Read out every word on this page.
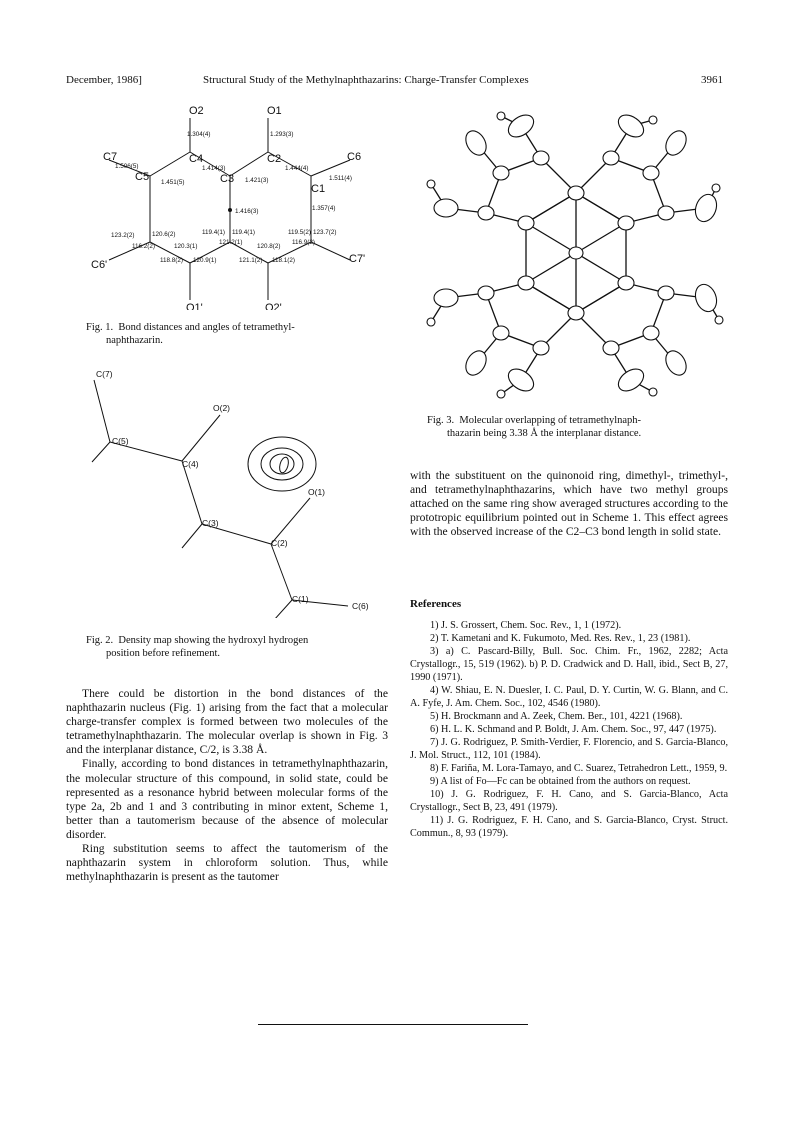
December, 1986]	Structural Study of the Methylnaphthazarins: Charge-Transfer Complexes	3961
O2	O1
C7	C4	C2	C6
C5	C3
C1
C6'	C7'
O1'	O2'
1.304(4)	1.293(3)
1.506(5)	1.414(3)	1.444(4)
1.451(5)	1.421(3)	1.511(4)
1.416(3)	1.357(4)
123.2(2)	120.6(2)
116.2(2)	120.3(1)
118.8(2) 120.9(1)
119.4(1) 119.4(1)
121.2(1)
120.8(2)
121.1(2) 118.1(2)
119.5(2) 123.7(2)
116.9(2)
Fig. 1. Bond distances and angles of tetramethyl-
naphthazarin.
C(7)
O(2)
C(5)
C(4)
O(1)
C(3)
C(2)
C(1)
C(6)
Fig. 2. Density map showing the hydroxyl hydrogen
position before refinement.

There could be distortion in the bond distances of the naphthazarin nucleus (Fig. 1) arising from the fact that a molecular charge-transfer complex is formed between two molecules of the tetramethylnaphthazarin. The molecular overlap is shown in Fig. 3 and the interplanar distance, C/2, is 3.38 Å.

Finally, according to bond distances in tetramethylnaphthazarin, the molecular structure of this compound, in solid state, could be represented as a resonance hybrid between molecular forms of the type 2a, 2b and 1 and 3 contributing in minor extent, Scheme 1, better than a tautomerism because of the absence of molecular disorder.

Ring substitution seems to affect the tautomerism of the naphthazarin system in chloroform solution. Thus, while methylnaphthazarin is present as the tautomer

Fig. 3. Molecular overlapping of tetramethylnaph-
thazarin being 3.38 Å the interplanar distance.

with the substituent on the quinonoid ring, dimethyl-, trimethyl-, and tetramethylnaphthazarins, which have two methyl groups attached on the same ring show averaged structures according to the prototropic equilibrium pointed out in Scheme 1. This effect agrees with the observed increase of the C2–C3 bond length in solid state.

References

1) J. S. Grossert, Chem. Soc. Rev., 1, 1 (1972).

2) T. Kametani and K. Fukumoto, Med. Res. Rev., 1, 23 (1981).

3) a) C. Pascard-Billy, Bull. Soc. Chim. Fr., 1962, 2282; Acta Crystallogr., 15, 519 (1962). b) P. D. Cradwick and D. Hall, ibid., Sect B, 27, 1990 (1971).

4) W. Shiau, E. N. Duesler, I. C. Paul, D. Y. Curtin, W. G. Blann, and C. A. Fyfe, J. Am. Chem. Soc., 102, 4546 (1980).

5) H. Brockmann and A. Zeek, Chem. Ber., 101, 4221 (1968).

6) H. L. K. Schmand and P. Boldt, J. Am. Chem. Soc., 97, 447 (1975).

7) J. G. Rodriguez, P. Smith-Verdier, F. Florencio, and S. Garcia-Blanco, J. Mol. Struct., 112, 101 (1984).

8) F. Fariña, M. Lora-Tamayo, and C. Suarez, Tetrahedron Lett., 1959, 9.

9) A list of Fo—Fc can be obtained from the authors on request.

10) J. G. Rodriguez, F. H. Cano, and S. Garcia-Blanco, Acta Crystallogr., Sect B, 23, 491 (1979).

11) J. G. Rodriguez, F. H. Cano, and S. Garcia-Blanco, Cryst. Struct. Commun., 8, 93 (1979).
